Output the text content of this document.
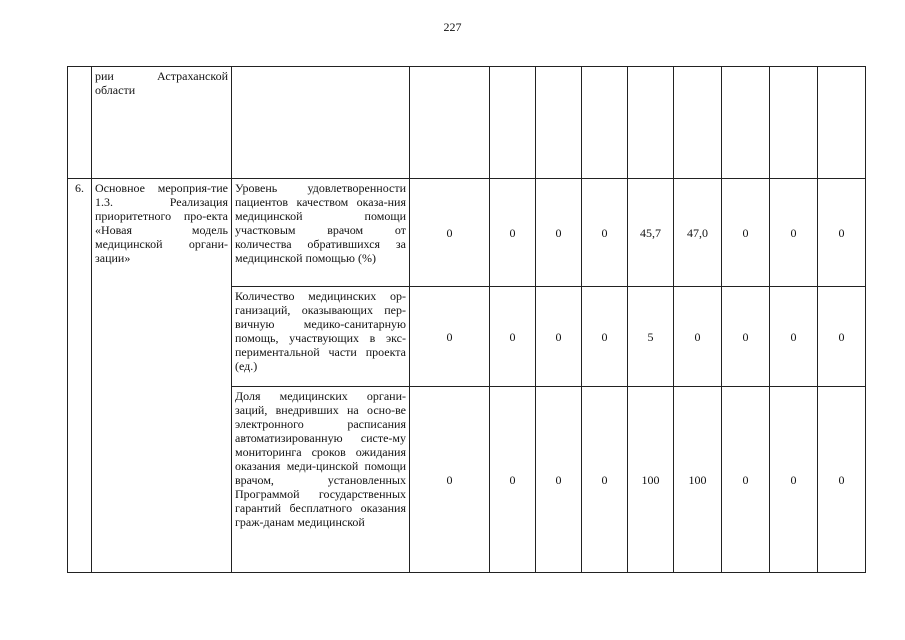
227
	рии Астраханской области										
6.	Основное мероприя-тие 1.3. Реализация приоритетного про-екта «Новая модель медицинской органи-зации»	Уровень удовлетворенности пациентов качеством оказа-ния медицинской помощи участковым врачом от количества обратившихся за медицинской помощью (%)	0	0	0	0	45,7	47,0	0	0	0
		Количество медицинских ор-ганизаций, оказывающих пер-вичную медико-санитарную помощь, участвующих в экс-периментальной части проекта (ед.)	0	0	0	0	5	0	0	0	0
		Доля медицинских органи-заций, внедривших на осно-ве электронного расписания автоматизированную систе-му мониторинга сроков ожидания оказания меди-цинской помощи врачом, установленных Программой государственных гарантий бесплатного оказания граж-данам медицинской	0	0	0	0	100	100	0	0	0
